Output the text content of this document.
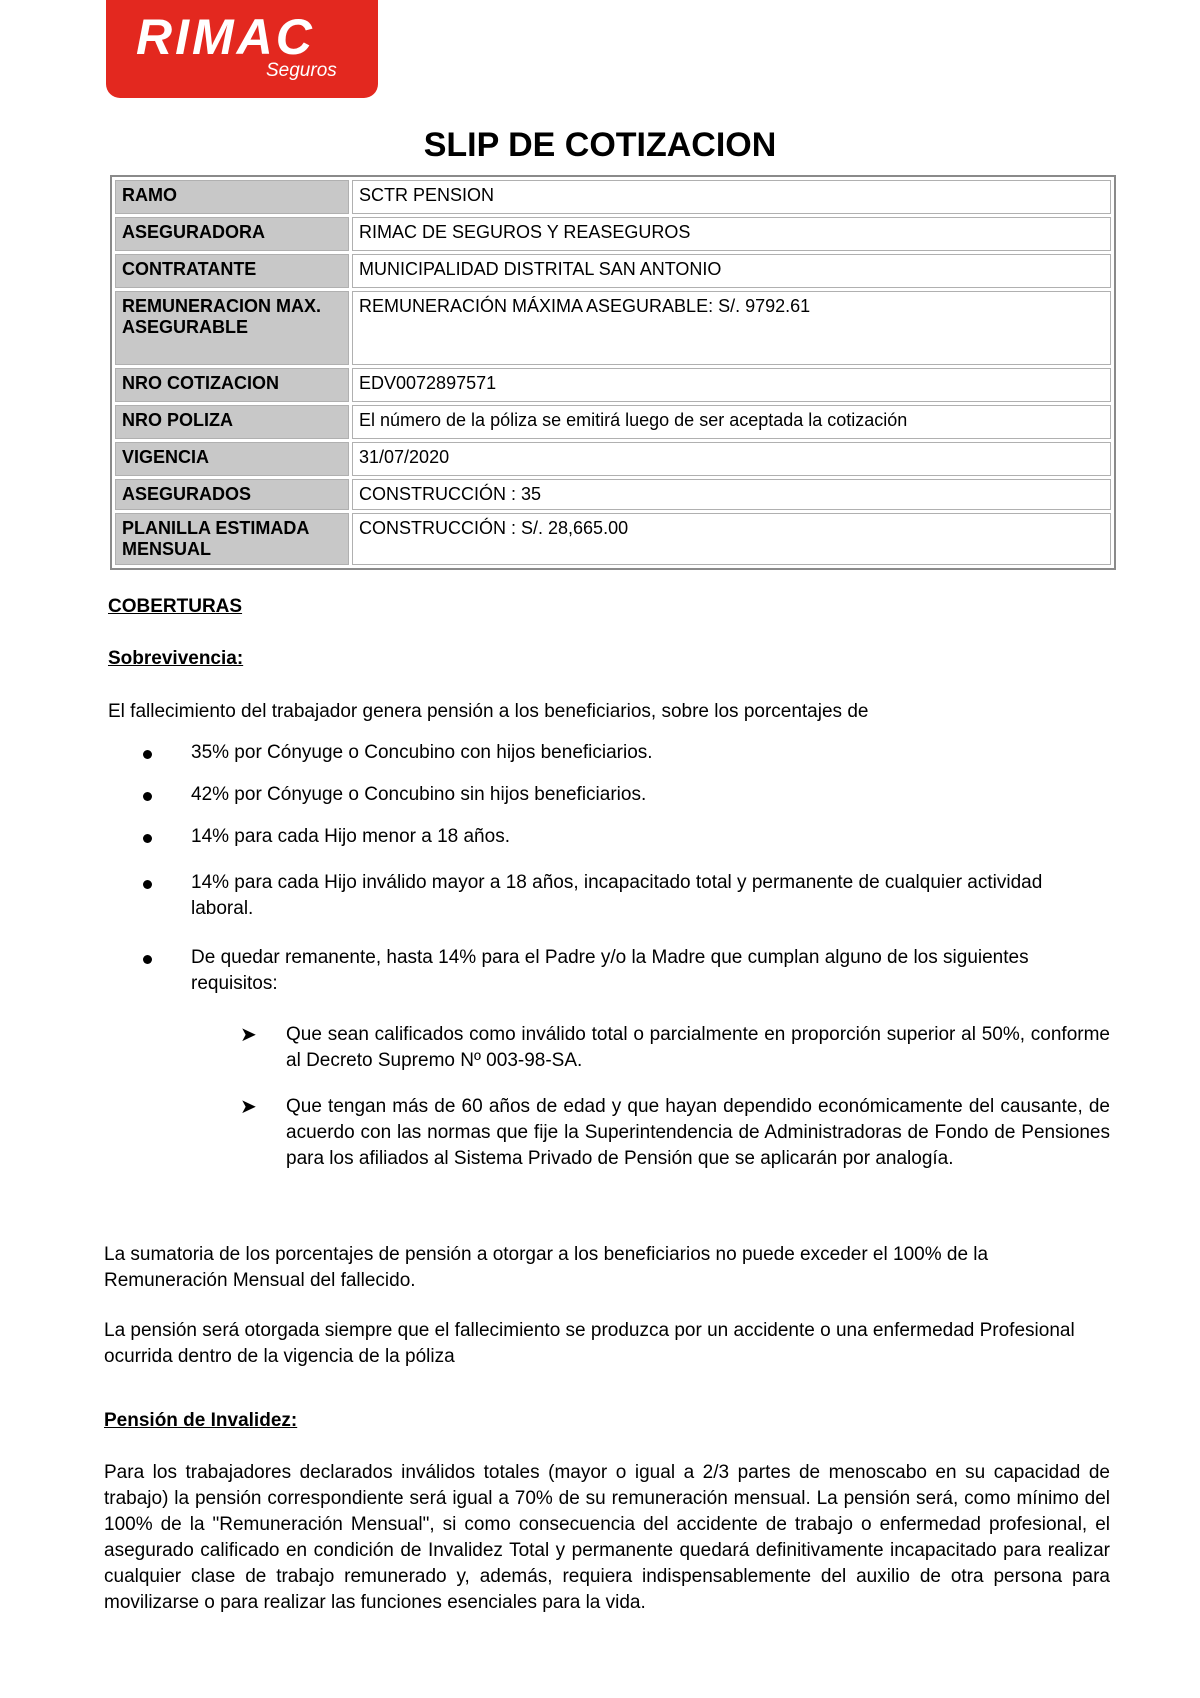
RIMAC
Seguros
SLIP DE COTIZACION
RAMO	SCTR PENSION
ASEGURADORA	RIMAC DE SEGUROS Y REASEGUROS
CONTRATANTE	MUNICIPALIDAD DISTRITAL SAN ANTONIO
REMUNERACION MAX. ASEGURABLE	REMUNERACIÓN MÁXIMA ASEGURABLE: S/. 9792.61
NRO COTIZACION	EDV0072897571
NRO POLIZA	El número de la póliza se emitirá luego de ser aceptada la cotización
VIGENCIA	31/07/2020
ASEGURADOS	CONSTRUCCIÓN : 35
PLANILLA ESTIMADA MENSUAL	CONSTRUCCIÓN : S/. 28,665.00
COBERTURAS
Sobrevivencia:
El fallecimiento del trabajador genera pensión a los beneficiarios, sobre los porcentajes de
35% por Cónyuge o Concubino con hijos beneficiarios.
42% por Cónyuge o Concubino sin hijos beneficiarios.
14% para cada Hijo menor a 18 años.
14% para cada Hijo inválido mayor a 18 años, incapacitado total y permanente de cualquier actividad laboral.
De quedar remanente, hasta 14% para el Padre y/o la Madre que cumplan alguno de los siguientes requisitos:
➤ Que sean calificados como inválido total o parcialmente en proporción superior al 50%, conforme al Decreto Supremo Nº 003-98-SA.
➤ Que tengan más de 60 años de edad y que hayan dependido económicamente del causante, de acuerdo con las normas que fije la Superintendencia de Administradoras de Fondo de Pensiones para los afiliados al Sistema Privado de Pensión que se aplicarán por analogía.
La sumatoria de los porcentajes de pensión a otorgar a los beneficiarios no puede exceder el 100% de la Remuneración Mensual del fallecido.
La pensión será otorgada siempre que el fallecimiento se produzca por un accidente o una enfermedad Profesional ocurrida dentro de la vigencia de la póliza
Pensión de Invalidez:
Para los trabajadores declarados inválidos totales (mayor o igual a 2/3 partes de menoscabo en su capacidad de trabajo) la pensión correspondiente será igual a 70% de su remuneración mensual. La pensión será, como mínimo del 100% de la "Remuneración Mensual", si como consecuencia del accidente de trabajo o enfermedad profesional, el asegurado calificado en condición de Invalidez Total y permanente quedará definitivamente incapacitado para realizar cualquier clase de trabajo remunerado y, además, requiera indispensablemente del auxilio de otra persona para movilizarse o para realizar las funciones esenciales para la vida.
